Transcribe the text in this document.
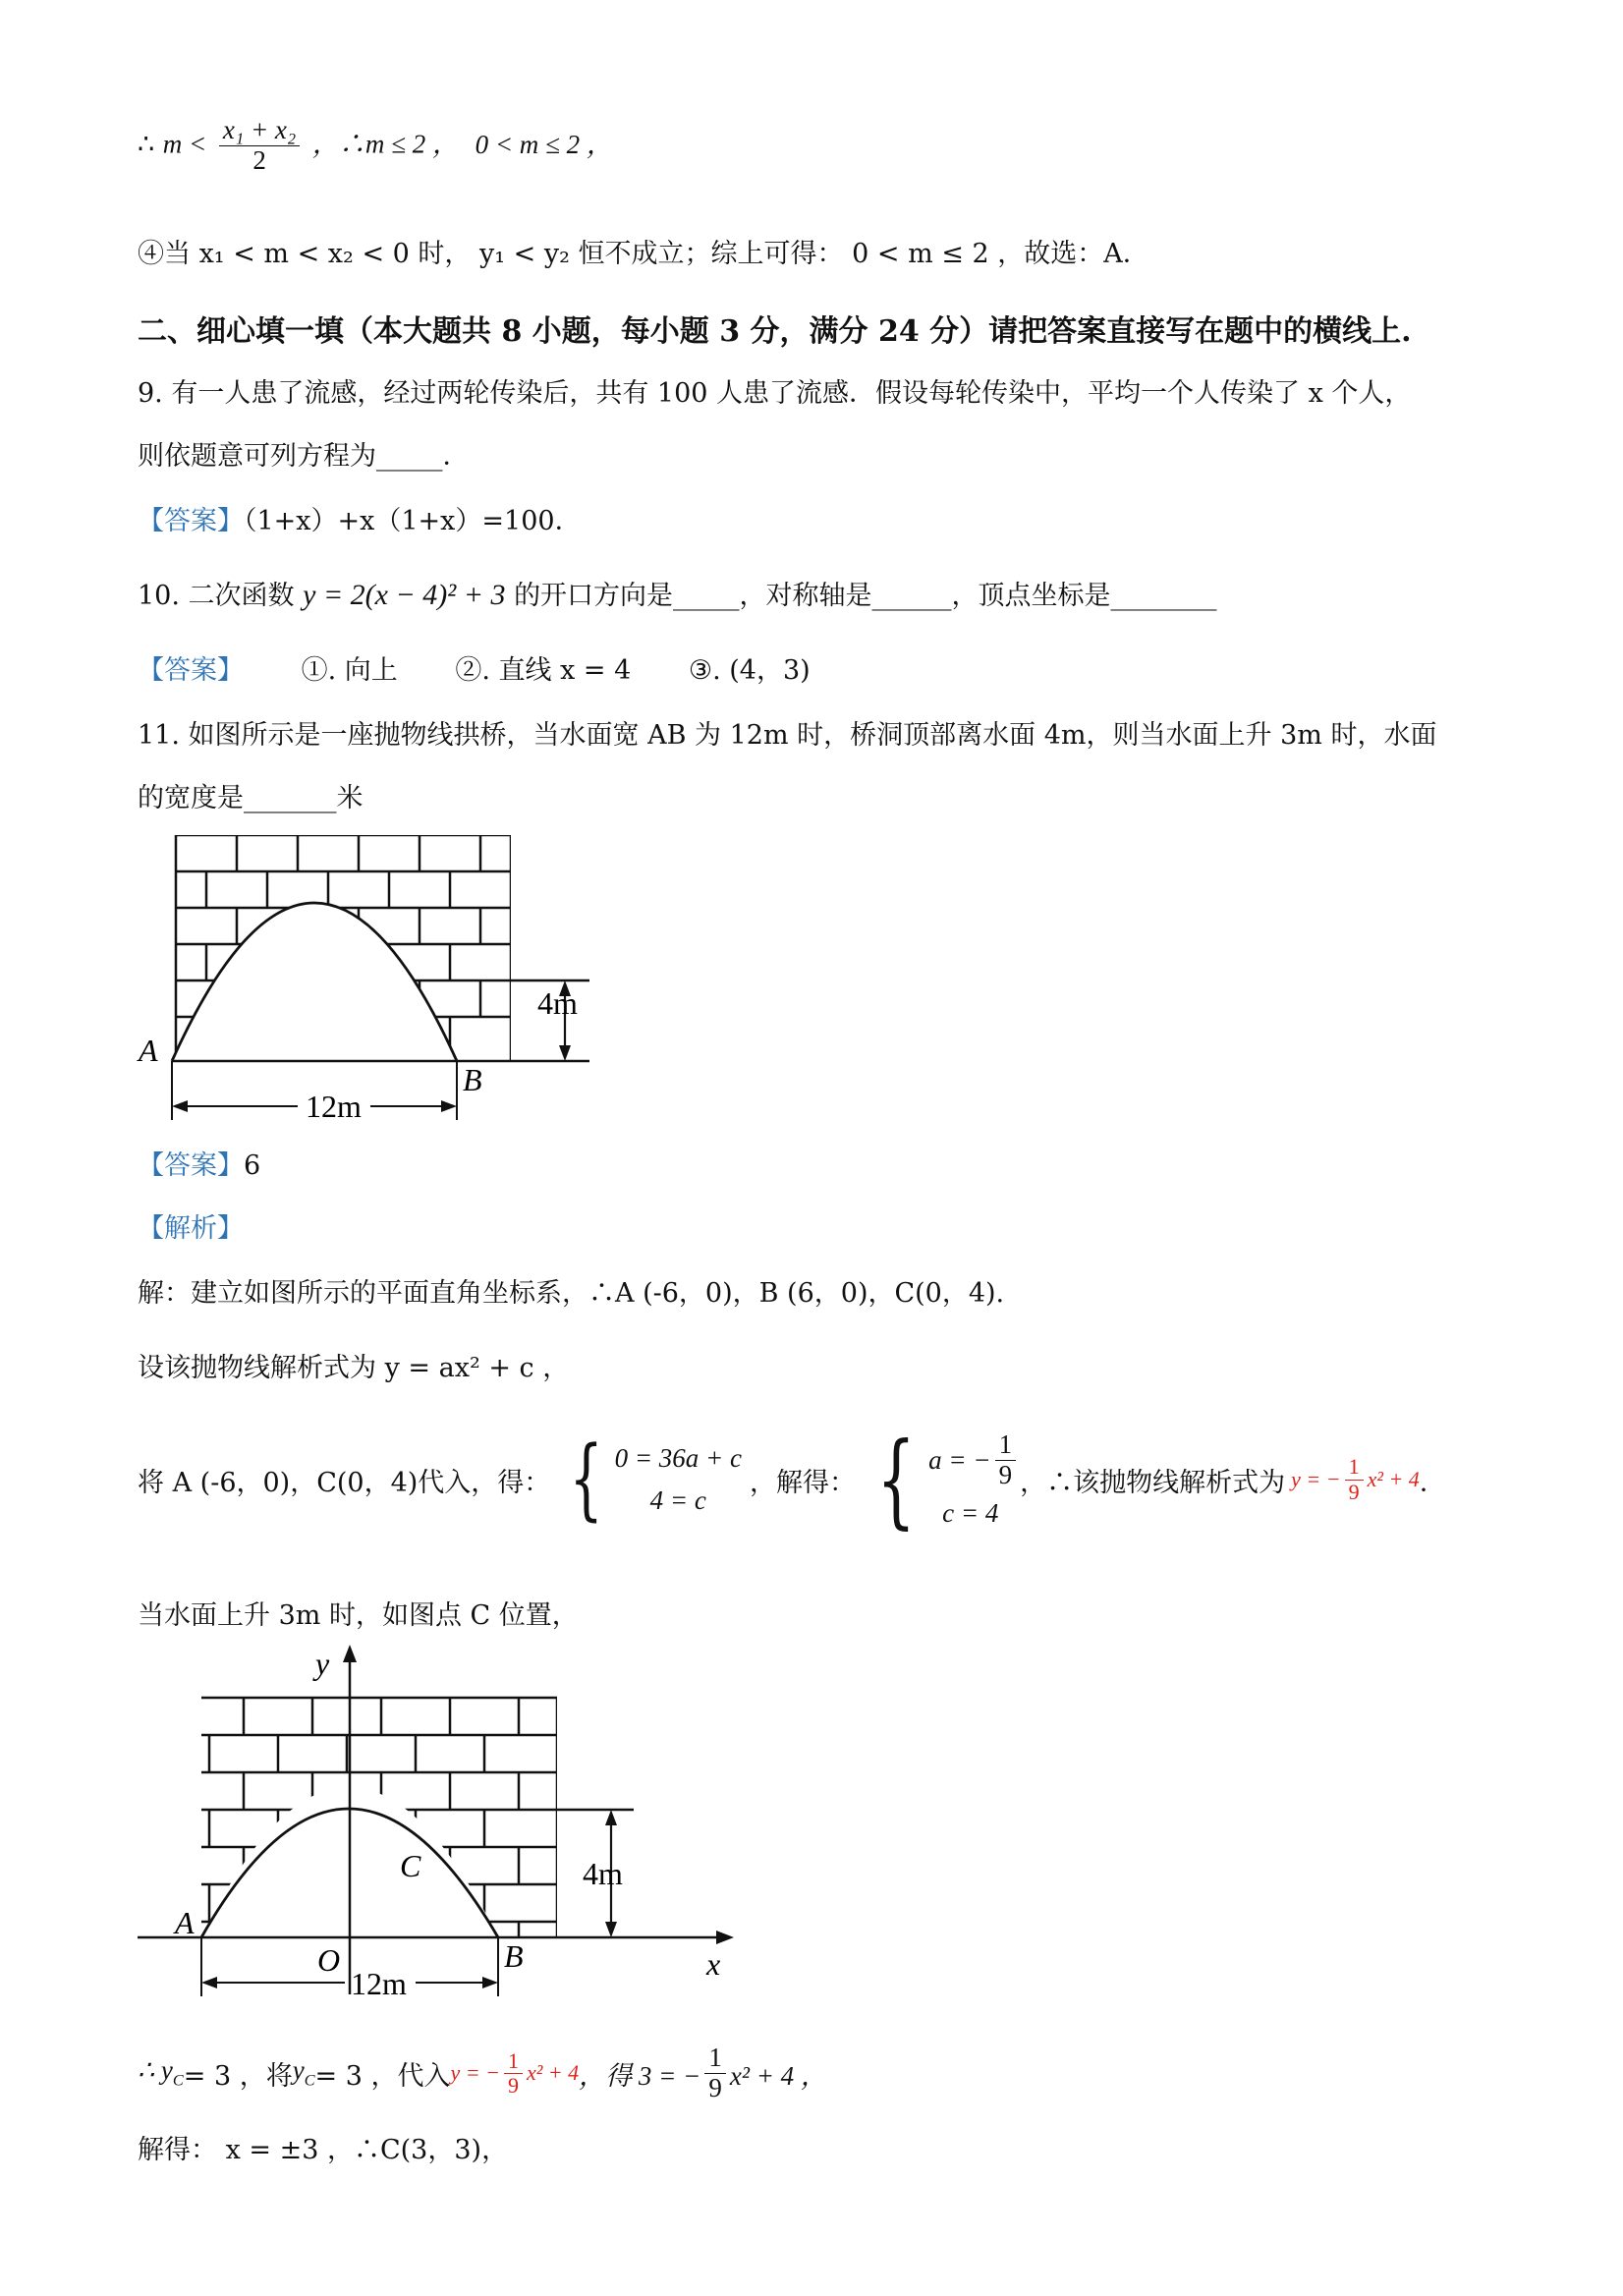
∴ $m < \frac{\text{x₁ + x₂}}{2}$ ，∴m ≤ 2 ， 0 < m ≤ 2 ，
④当 x₁ < m < x₂ < 0 时， y₁ < y₂ 恒不成立；综上可得： 0 < m ≤ 2 ，故选：A．
二、细心填一填（本大题共 8 小题，每小题 3 分，满分 24 分）请把答案直接写在题中的横线上.
9. 有一人患了流感，经过两轮传染后，共有 100 人患了流感．假设每轮传染中，平均一个人传染了 x 个人，
则依题意可列方程为_____．
【答案】（1+x）+x（1+x）=100．
10. 二次函数 y = 2(x − 4)² + 3 的开口方向是_____，对称轴是______，顶点坐标是________
【答案】 ①. 向上 ②. 直线 x = 4 ③. (4，3)
11. 如图所示是一座抛物线拱桥，当水面宽 AB 为 12m 时，桥洞顶部离水面 4m，则当水面上升 3m 时，水面
的宽度是_______米
4m
12m
A
B
【答案】6
【解析】
解：建立如图所示的平面直角坐标系，∴A (-6，0)，B (6，0)，C(0，4).
设该抛物线解析式为 y = ax² + c ，
将 A (-6，0)，C(0，4)代入，得： { 0 = 36a + c
4 = c
，解得： { a = − $\frac{1}{9}$
c = 4
，∴该抛物线解析式为 y = − $\frac{1}{9} x^2 + 4$ ．
当水面上升 3m 时，如图点 C 位置，
4m
12m
y
x
O
A
B
C
∴ $y_C = 3$ ，将 $y_C = 3$ ，代入 y = − $\frac{1}{9} x^2 + 4$ ，得 3 = − $\frac{1}{9} x^2 + 4$ ，
解得： x = ±3 ，∴C(3，3)，
